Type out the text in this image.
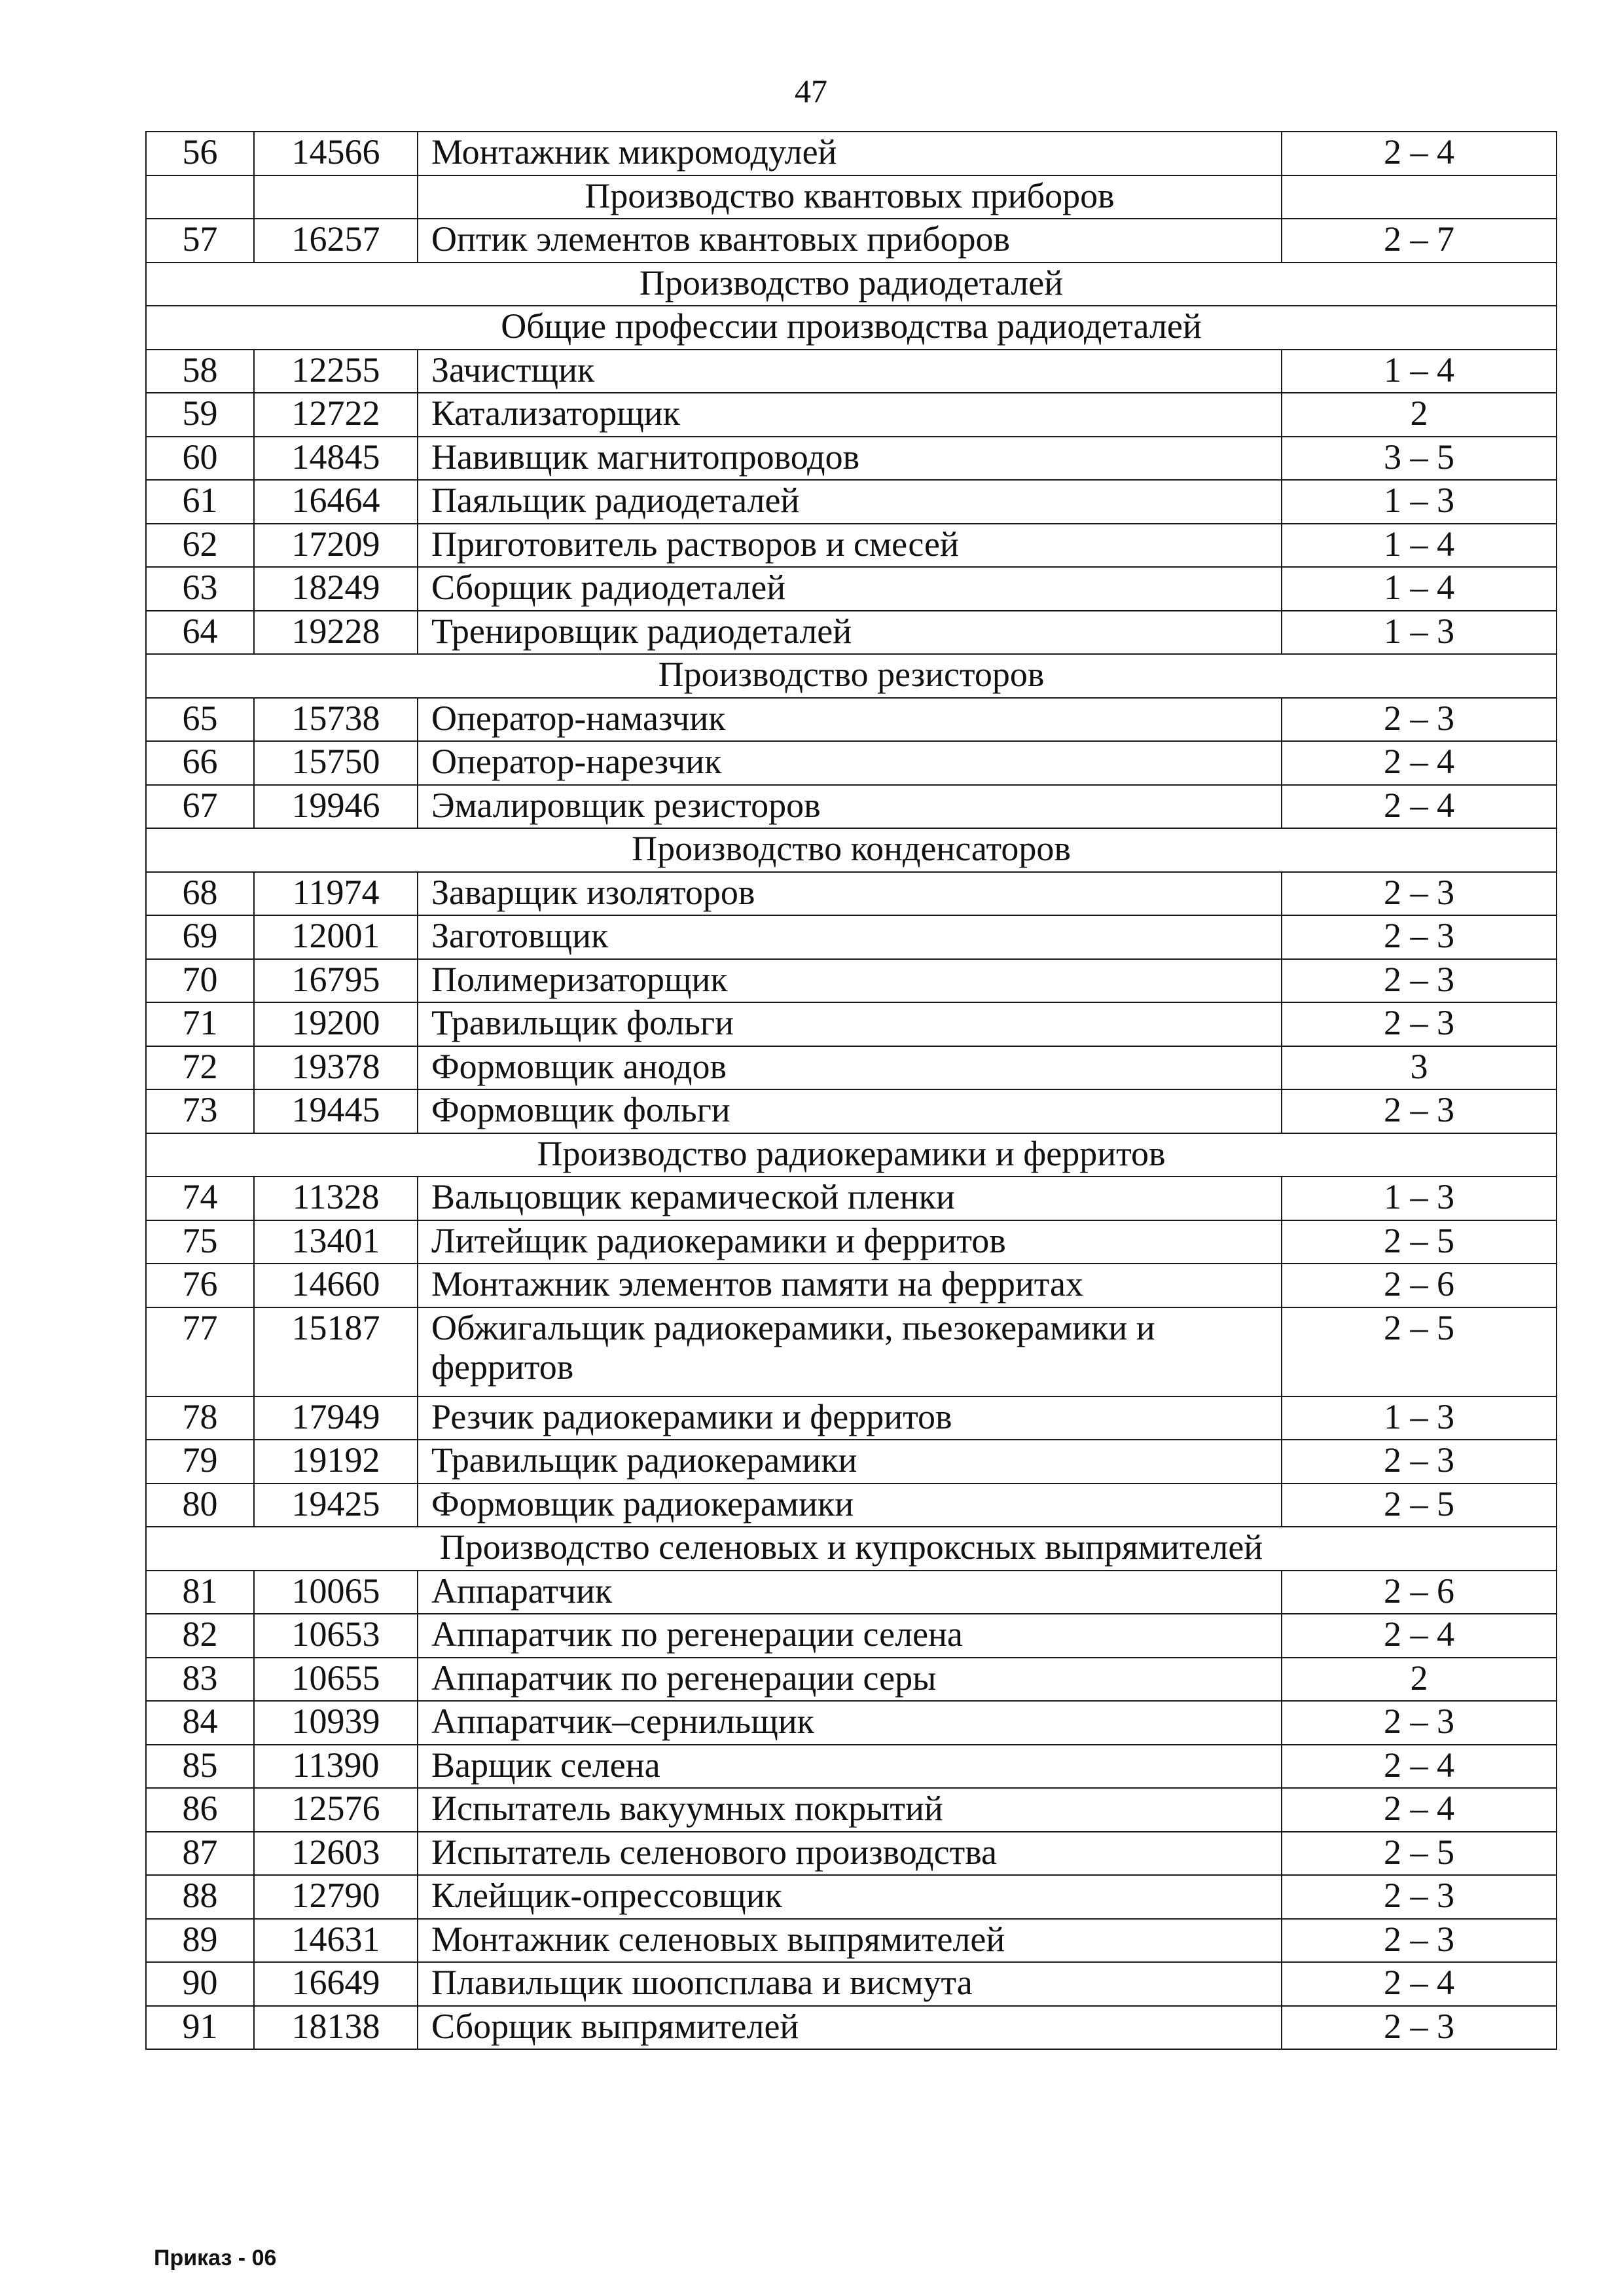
47
56	14566	Монтажник микромодулей	2 – 4
		Производство квантовых приборов	
57	16257	Оптик элементов квантовых приборов	2 – 7
Производство радиодеталей			
Общие профессии производства радиодеталей			
58	12255	Зачистщик	1 – 4
59	12722	Катализаторщик	2
60	14845	Навивщик магнитопроводов	3 – 5
61	16464	Паяльщик радиодеталей	1 – 3
62	17209	Приготовитель растворов и смесей	1 – 4
63	18249	Сборщик радиодеталей	1 – 4
64	19228	Тренировщик радиодеталей	1 – 3
Производство резисторов			
65	15738	Оператор-намазчик	2 – 3
66	15750	Оператор-нарезчик	2 – 4
67	19946	Эмалировщик резисторов	2 – 4
Производство конденсаторов			
68	11974	Заварщик изоляторов	2 – 3
69	12001	Заготовщик	2 – 3
70	16795	Полимеризаторщик	2 – 3
71	19200	Травильщик фольги	2 – 3
72	19378	Формовщик анодов	3
73	19445	Формовщик фольги	2 – 3
Производство радиокерамики и ферритов			
74	11328	Вальцовщик керамической пленки	1 – 3
75	13401	Литейщик радиокерамики и ферритов	2 – 5
76	14660	Монтажник элементов памяти на ферритах	2 – 6
77	15187	Обжигальщик радиокерамики, пьезокерамики и ферритов	2 – 5
78	17949	Резчик радиокерамики и ферритов	1 – 3
79	19192	Травильщик радиокерамики	2 – 3
80	19425	Формовщик радиокерамики	2 – 5
Производство селеновых и купроксных выпрямителей			
81	10065	Аппаратчик	2 – 6
82	10653	Аппаратчик по регенерации селена	2 – 4
83	10655	Аппаратчик по регенерации серы	2
84	10939	Аппаратчик–сернильщик	2 – 3
85	11390	Варщик селена	2 – 4
86	12576	Испытатель вакуумных покрытий	2 – 4
87	12603	Испытатель селенового производства	2 – 5
88	12790	Клейщик-опрессовщик	2 – 3
89	14631	Монтажник селеновых выпрямителей	2 – 3
90	16649	Плавильщик шоопсплава и висмута	2 – 4
91	18138	Сборщик выпрямителей	2 – 3
Приказ - 06
